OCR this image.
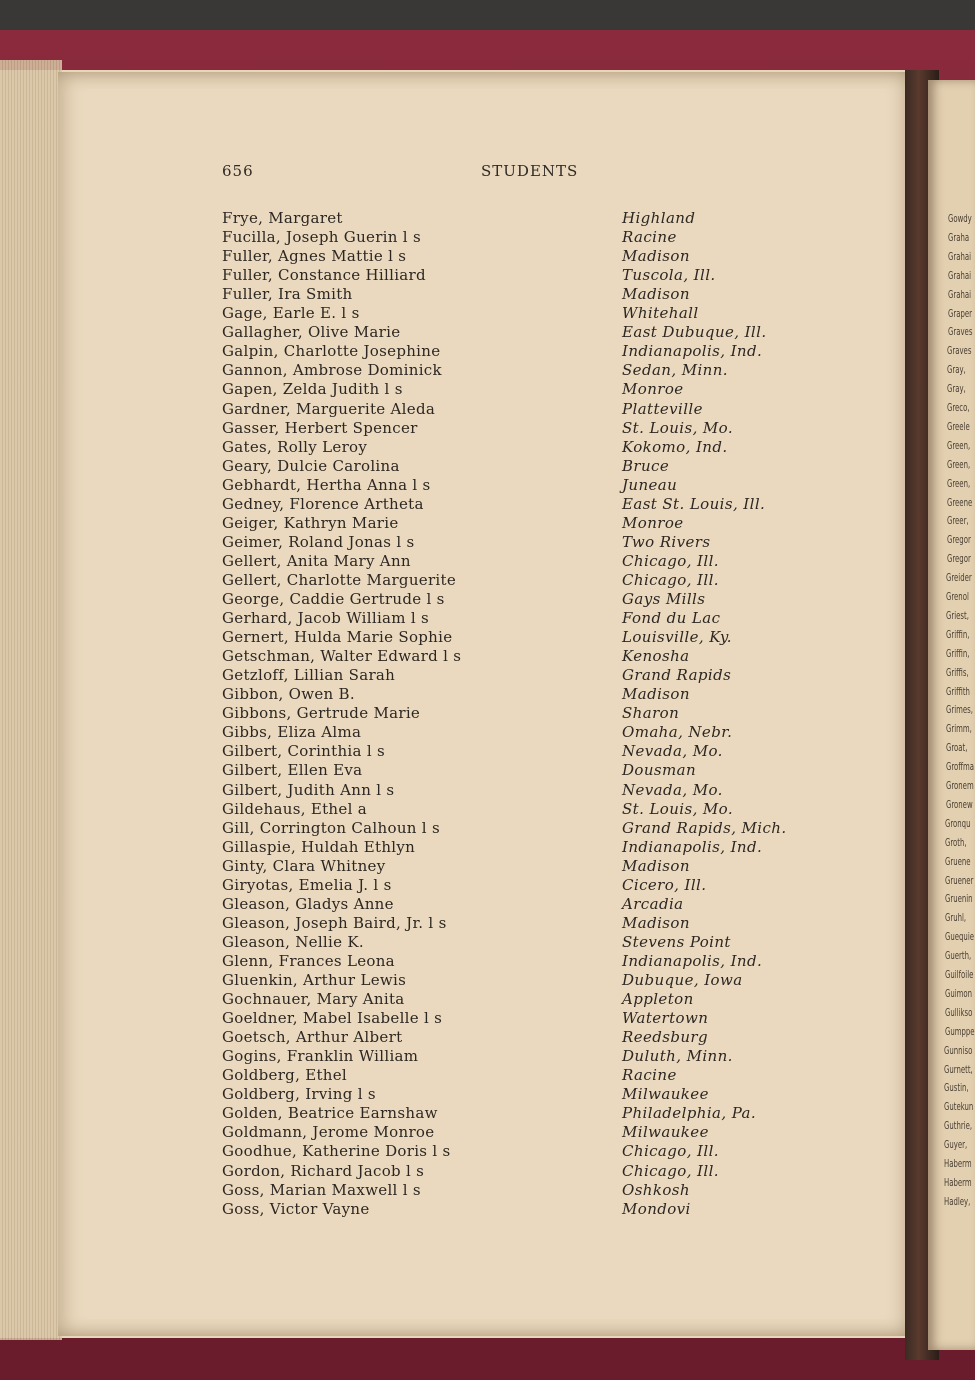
Gowdy
Graha
Grahai
Grahai
Grahai
Graper
Graves
Graves
Gray,
Gray,
Greco,
Greele
Green,
Green,
Green,
Greene
Greer,
Gregor
Gregor
Greider
Grenol
Griest,
Griffin,
Griffin,
Griffis,
Griffith
Grimes,
Grimm,
Groat,
Groffma
Gronem
Gronew
Gronqu
Groth,
Gruene
Gruener
Gruenin
Gruhl,
Guequie
Guerth,
Guilfoile
Guimon
Gullikso
Gumppe
Gunniso
Gurnett,
Gustin,
Gutekun
Guthrie,
Guyer,
Haberm
Haberm
Hadley,
656	STUDENTS
Frye, Margaret	Highland
Fucilla, Joseph Guerin l s	Racine
Fuller, Agnes Mattie l s	Madison
Fuller, Constance Hilliard	Tuscola, Ill.
Fuller, Ira Smith	Madison
Gage, Earle E. l s	Whitehall
Gallagher, Olive Marie	East Dubuque, Ill.
Galpin, Charlotte Josephine	Indianapolis, Ind.
Gannon, Ambrose Dominick	Sedan, Minn.
Gapen, Zelda Judith l s	Monroe
Gardner, Marguerite Aleda	Platteville
Gasser, Herbert Spencer	St. Louis, Mo.
Gates, Rolly Leroy	Kokomo, Ind.
Geary, Dulcie Carolina	Bruce
Gebhardt, Hertha Anna l s	Juneau
Gedney, Florence Artheta	East St. Louis, Ill.
Geiger, Kathryn Marie	Monroe
Geimer, Roland Jonas l s	Two Rivers
Gellert, Anita Mary Ann	Chicago, Ill.
Gellert, Charlotte Marguerite	Chicago, Ill.
George, Caddie Gertrude l s	Gays Mills
Gerhard, Jacob William l s	Fond du Lac
Gernert, Hulda Marie Sophie	Louisville, Ky.
Getschman, Walter Edward l s	Kenosha
Getzloff, Lillian Sarah	Grand Rapids
Gibbon, Owen B.	Madison
Gibbons, Gertrude Marie	Sharon
Gibbs, Eliza Alma	Omaha, Nebr.
Gilbert, Corinthia l s	Nevada, Mo.
Gilbert, Ellen Eva	Dousman
Gilbert, Judith Ann l s	Nevada, Mo.
Gildehaus, Ethel a	St. Louis, Mo.
Gill, Corrington Calhoun l s	Grand Rapids, Mich.
Gillaspie, Huldah Ethlyn	Indianapolis, Ind.
Ginty, Clara Whitney	Madison
Giryotas, Emelia J. l s	Cicero, Ill.
Gleason, Gladys Anne	Arcadia
Gleason, Joseph Baird, Jr. l s	Madison
Gleason, Nellie K.	Stevens Point
Glenn, Frances Leona	Indianapolis, Ind.
Gluenkin, Arthur Lewis	Dubuque, Iowa
Gochnauer, Mary Anita	Appleton
Goeldner, Mabel Isabelle l s	Watertown
Goetsch, Arthur Albert	Reedsburg
Gogins, Franklin William	Duluth, Minn.
Goldberg, Ethel	Racine
Goldberg, Irving l s	Milwaukee
Golden, Beatrice Earnshaw	Philadelphia, Pa.
Goldmann, Jerome Monroe	Milwaukee
Goodhue, Katherine Doris l s	Chicago, Ill.
Gordon, Richard Jacob l s	Chicago, Ill.
Goss, Marian Maxwell l s	Oshkosh
Goss, Victor Vayne	Mondovi
